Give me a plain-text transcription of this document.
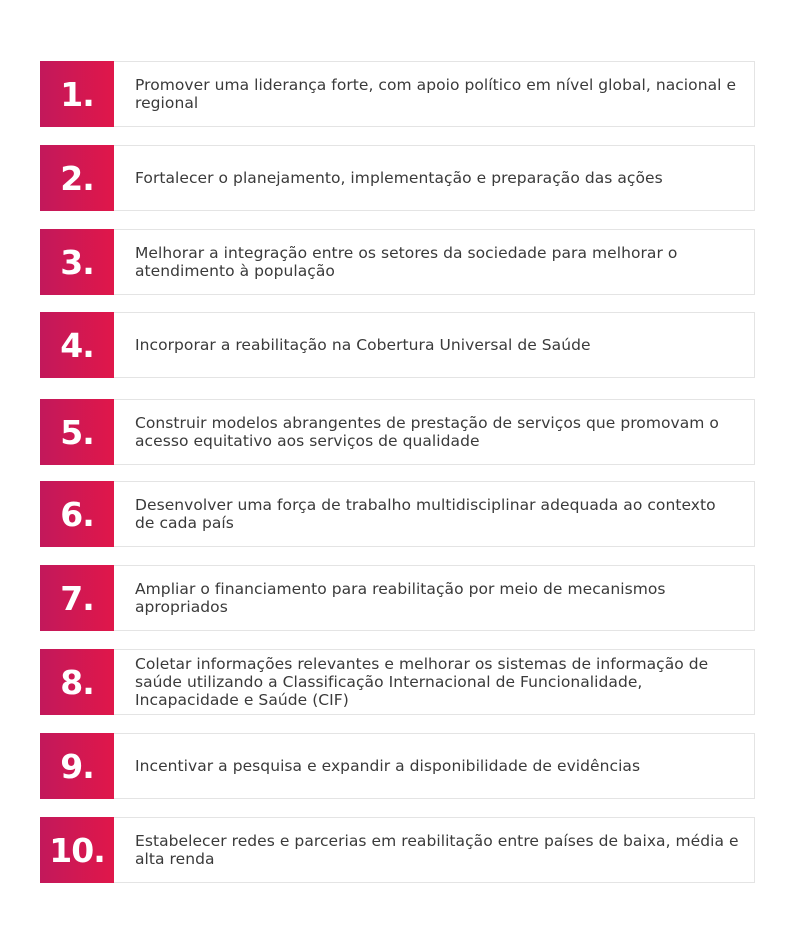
1.	Promover uma liderança forte, com apoio político em nível global, nacional e regional
2.	Fortalecer o planejamento, implementação e preparação das ações
3.	Melhorar a integração entre os setores da sociedade para melhorar o atendimento à população
4.	Incorporar a reabilitação na Cobertura Universal de Saúde
5.	Construir modelos abrangentes de prestação de serviços que promovam o acesso equitativo aos serviços de qualidade
6.	Desenvolver uma força de trabalho multidisciplinar adequada ao contexto de cada país
7.	Ampliar o financiamento para reabilitação por meio de mecanismos apropriados
8.	Coletar informações relevantes e melhorar os sistemas de informação de saúde utilizando a Classificação Internacional de Funcionalidade, Incapacidade e Saúde (CIF)
9.	Incentivar a pesquisa e expandir a disponibilidade de evidências
10.	Estabelecer redes e parcerias em reabilitação entre países de baixa, média e alta renda
